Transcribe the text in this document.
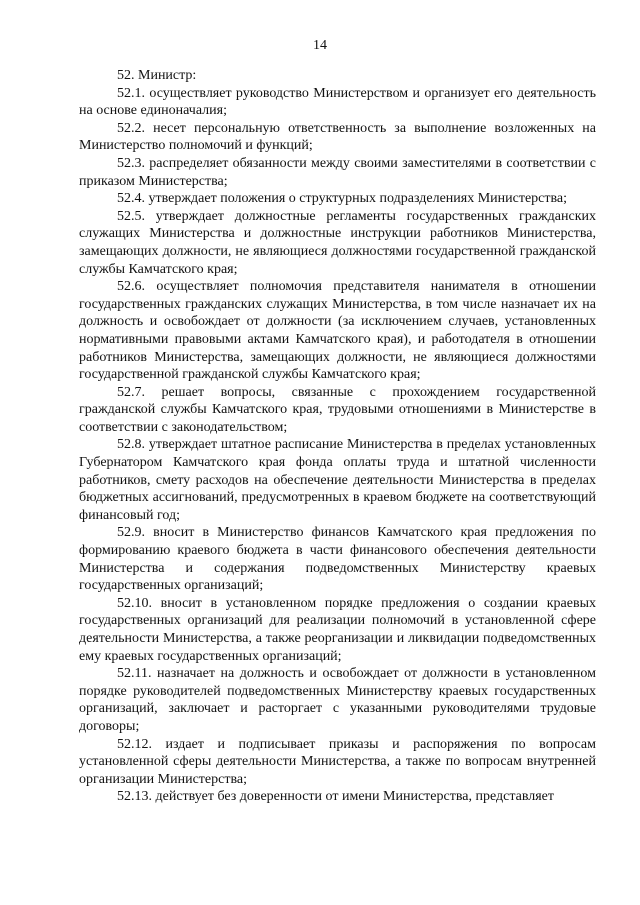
14

52. Министр:

52.1. осуществляет руководство Министерством и организует его деятельность на основе единоначалия;

52.2. несет персональную ответственность за выполнение возложенных на Министерство полномочий и функций;

52.3. распределяет обязанности между своими заместителями в соответствии с приказом Министерства;

52.4. утверждает положения о структурных подразделениях Министерства;

52.5. утверждает должностные регламенты государственных гражданских служащих Министерства и должностные инструкции работников Министерства, замещающих должности, не являющиеся должностями государственной гражданской службы Камчатского края;

52.6. осуществляет полномочия представителя нанимателя в отношении государственных гражданских служащих Министерства, в том числе назначает их на должность и освобождает от должности (за исключением случаев, установленных нормативными правовыми актами Камчатского края), и работодателя в отношении работников Министерства, замещающих должности, не являющиеся должностями государственной гражданской службы Камчатского края;

52.7. решает вопросы, связанные с прохождением государственной гражданской службы Камчатского края, трудовыми отношениями в Министерстве в соответствии с законодательством;

52.8. утверждает штатное расписание Министерства в пределах установленных Губернатором Камчатского края фонда оплаты труда и штатной численности работников, смету расходов на обеспечение деятельности Министерства в пределах бюджетных ассигнований, предусмотренных в краевом бюджете на соответствующий финансовый год;

52.9. вносит в Министерство финансов Камчатского края предложения по формированию краевого бюджета в части финансового обеспечения деятельности Министерства и содержания подведомственных Министерству краевых государственных организаций;

52.10. вносит в установленном порядке предложения о создании краевых государственных организаций для реализации полномочий в установленной сфере деятельности Министерства, а также реорганизации и ликвидации подведомственных ему краевых государственных организаций;

52.11. назначает на должность и освобождает от должности в установленном порядке руководителей подведомственных Министерству краевых государственных организаций, заключает и расторгает с указанными руководителями трудовые договоры;

52.12. издает и подписывает приказы и распоряжения по вопросам установленной сферы деятельности Министерства, а также по вопросам внутренней организации Министерства;

52.13. действует без доверенности от имени Министерства, представляет
